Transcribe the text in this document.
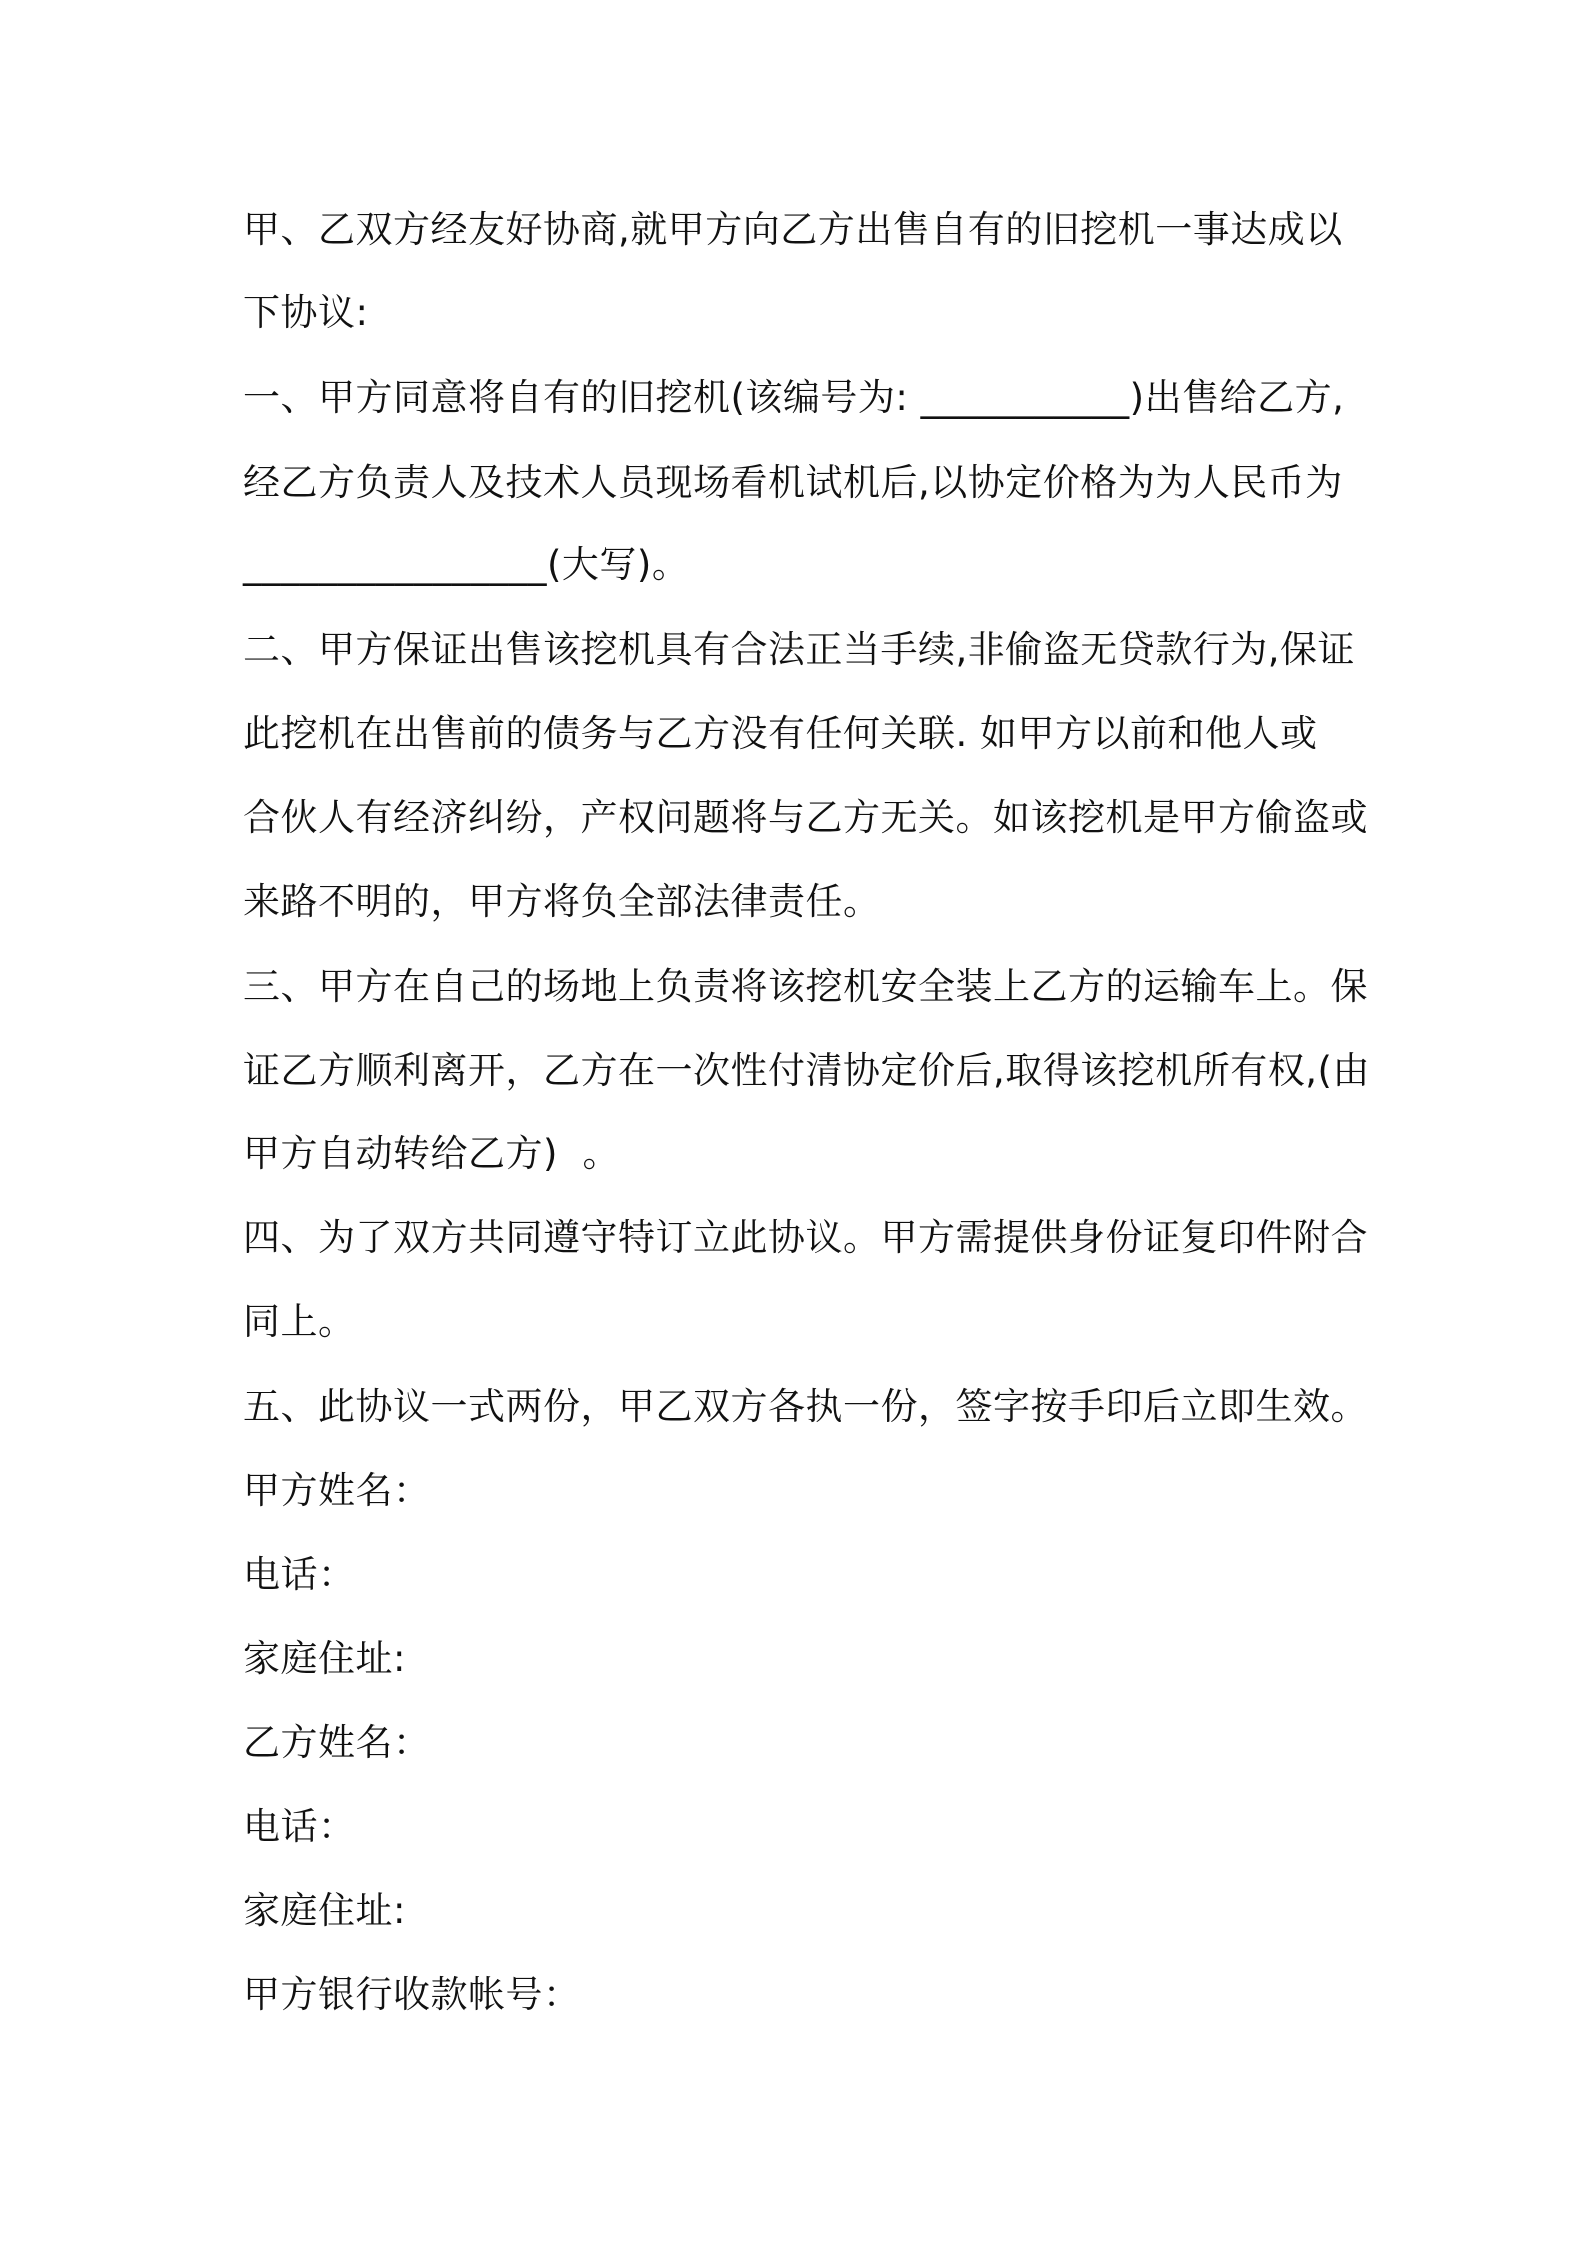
甲、乙双方经友好协商,就甲方向乙方出售自有的旧挖机一事达成以
下协议:
一、甲方同意将自有的旧挖机(该编号为: ___________)出售给乙方,
经乙方负责人及技术人员现场看机试机后,以协定价格为为人民币为
________________(大写)。
二、甲方保证出售该挖机具有合法正当手续,非偷盗无贷款行为,保证
此挖机在出售前的债务与乙方没有任何关联. 如甲方以前和他人或
合伙人有经济纠纷，产权问题将与乙方无关。如该挖机是甲方偷盗或
来路不明的，甲方将负全部法律责任。
三、甲方在自己的场地上负责将该挖机安全装上乙方的运输车上。保
证乙方顺利离开，乙方在一次性付清协定价后,取得该挖机所有权,(由
甲方自动转给乙方)  。
四、为了双方共同遵守特订立此协议。甲方需提供身份证复印件附合
同上。
五、此协议一式两份，甲乙双方各执一份，签字按手印后立即生效。
甲方姓名：
电话：
家庭住址:
乙方姓名：
电话：
家庭住址:
甲方银行收款帐号：
